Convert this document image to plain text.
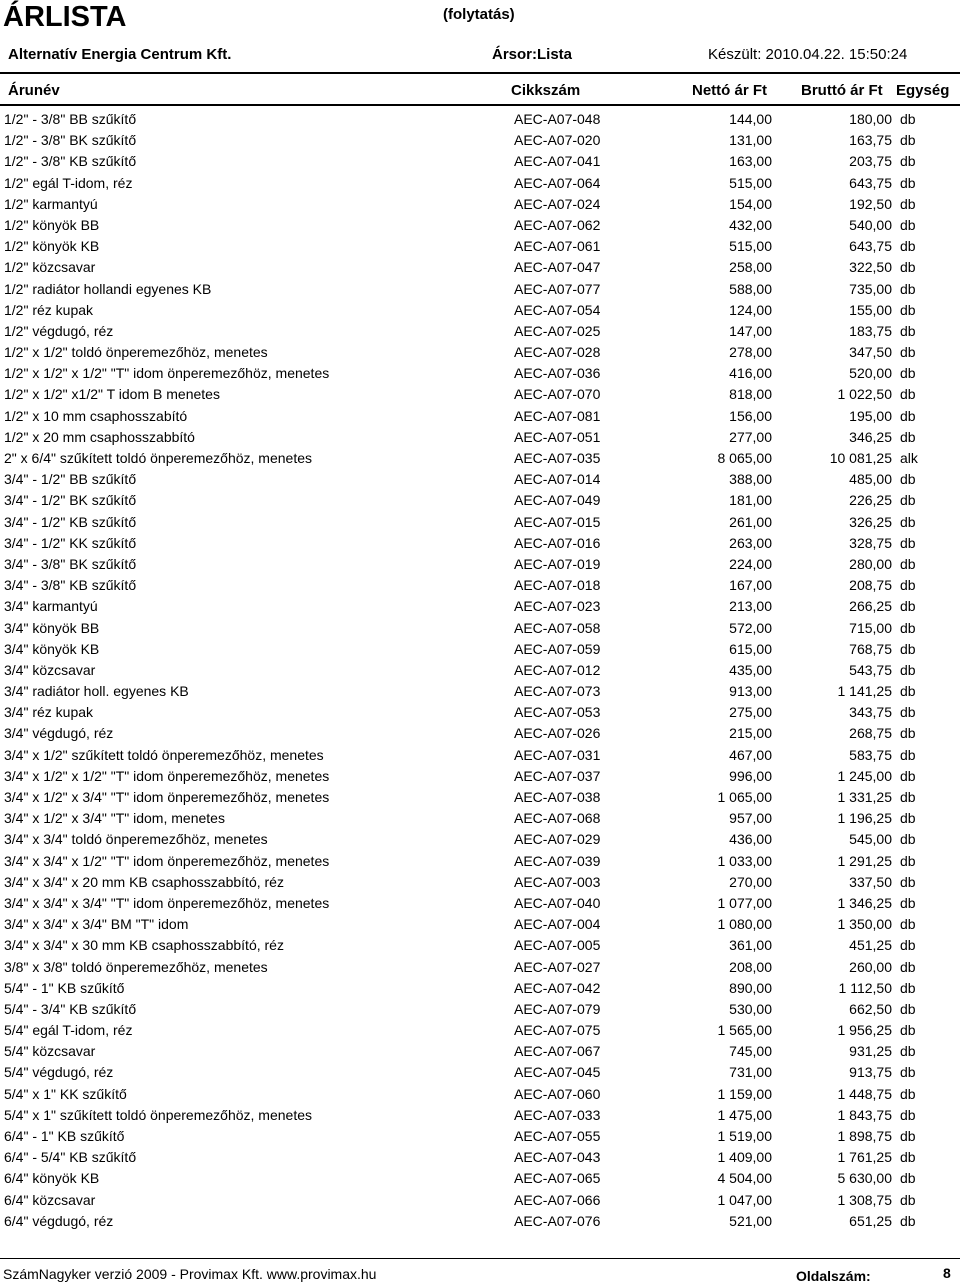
ÁRLISTA	(folytatás)
Alternatív Energia Centrum Kft.	Ársor:Lista	Készült: 2010.04.22. 15:50:24
Árunév	Cikkszám	Nettó ár Ft Bruttó ár Ft Egység
1/2" - 3/8" BB szűkítő	AEC-A07-048	144,00	180,00 db
1/2" - 3/8" BK szűkítő	AEC-A07-020	131,00	163,75 db
1/2" - 3/8" KB szűkítő	AEC-A07-041	163,00	203,75 db
1/2" egál T-idom, réz	AEC-A07-064	515,00	643,75 db
1/2" karmantyú	AEC-A07-024	154,00	192,50 db
1/2" könyök BB	AEC-A07-062	432,00	540,00 db
1/2" könyök KB	AEC-A07-061	515,00	643,75 db
1/2" közcsavar	AEC-A07-047	258,00	322,50 db
1/2" radiátor hollandi egyenes KB	AEC-A07-077	588,00	735,00 db
1/2" réz kupak	AEC-A07-054	124,00	155,00 db
1/2" végdugó, réz	AEC-A07-025	147,00	183,75 db
1/2" x 1/2" toldó önperemezőhöz, menetes	AEC-A07-028	278,00	347,50 db
1/2" x 1/2" x 1/2" "T" idom önperemezőhöz, menetes	AEC-A07-036	416,00	520,00 db
1/2" x 1/2" x1/2" T idom B menetes	AEC-A07-070	818,00	1 022,50 db
1/2" x 10 mm csaphosszabító	AEC-A07-081	156,00	195,00 db
1/2" x 20 mm csaphosszabbító	AEC-A07-051	277,00	346,25 db
2" x 6/4" szűkített toldó önperemezőhöz, menetes	AEC-A07-035	8 065,00	10 081,25 alk
3/4" - 1/2" BB szűkítő	AEC-A07-014	388,00	485,00 db
3/4" - 1/2" BK szűkítő	AEC-A07-049	181,00	226,25 db
3/4" - 1/2" KB szűkítő	AEC-A07-015	261,00	326,25 db
3/4" - 1/2" KK szűkítő	AEC-A07-016	263,00	328,75 db
3/4" - 3/8" BK szűkítő	AEC-A07-019	224,00	280,00 db
3/4" - 3/8" KB szűkítő	AEC-A07-018	167,00	208,75 db
3/4" karmantyú	AEC-A07-023	213,00	266,25 db
3/4" könyök BB	AEC-A07-058	572,00	715,00 db
3/4" könyök KB	AEC-A07-059	615,00	768,75 db
3/4" közcsavar	AEC-A07-012	435,00	543,75 db
3/4" radiátor holl. egyenes KB	AEC-A07-073	913,00	1 141,25 db
3/4" réz kupak	AEC-A07-053	275,00	343,75 db
3/4" végdugó, réz	AEC-A07-026	215,00	268,75 db
3/4" x 1/2" szűkített toldó önperemezőhöz, menetes	AEC-A07-031	467,00	583,75 db
3/4" x 1/2" x 1/2" "T" idom önperemezőhöz, menetes	AEC-A07-037	996,00	1 245,00 db
3/4" x 1/2" x 3/4" "T" idom önperemezőhöz, menetes	AEC-A07-038	1 065,00	1 331,25 db
3/4" x 1/2" x 3/4" "T" idom, menetes	AEC-A07-068	957,00	1 196,25 db
3/4" x 3/4" toldó önperemezőhöz, menetes	AEC-A07-029	436,00	545,00 db
3/4" x 3/4" x 1/2" "T" idom önperemezőhöz, menetes	AEC-A07-039	1 033,00	1 291,25 db
3/4" x 3/4" x 20 mm KB csaphosszabbító, réz	AEC-A07-003	270,00	337,50 db
3/4" x 3/4" x 3/4" "T" idom önperemezőhöz, menetes	AEC-A07-040	1 077,00	1 346,25 db
3/4" x 3/4" x 3/4" BM "T" idom	AEC-A07-004	1 080,00	1 350,00 db
3/4" x 3/4" x 30 mm KB csaphosszabbító, réz	AEC-A07-005	361,00	451,25 db
3/8" x 3/8" toldó önperemezőhöz, menetes	AEC-A07-027	208,00	260,00 db
5/4" - 1" KB szűkítő	AEC-A07-042	890,00	1 112,50 db
5/4" - 3/4" KB szűkítő	AEC-A07-079	530,00	662,50 db
5/4" egál T-idom, réz	AEC-A07-075	1 565,00	1 956,25 db
5/4" közcsavar	AEC-A07-067	745,00	931,25 db
5/4" végdugó, réz	AEC-A07-045	731,00	913,75 db
5/4" x 1" KK szűkítő	AEC-A07-060	1 159,00	1 448,75 db
5/4" x 1" szűkített toldó önperemezőhöz, menetes	AEC-A07-033	1 475,00	1 843,75 db
6/4" - 1" KB szűkítő	AEC-A07-055	1 519,00	1 898,75 db
6/4" - 5/4" KB szűkítő	AEC-A07-043	1 409,00	1 761,25 db
6/4" könyök KB	AEC-A07-065	4 504,00	5 630,00 db
6/4" közcsavar	AEC-A07-066	1 047,00	1 308,75 db
6/4" végdugó, réz	AEC-A07-076	521,00	651,25 db
SzámNagyker verzió 2009 - Provimax Kft. www.provimax.hu	Oldalszám:	8
